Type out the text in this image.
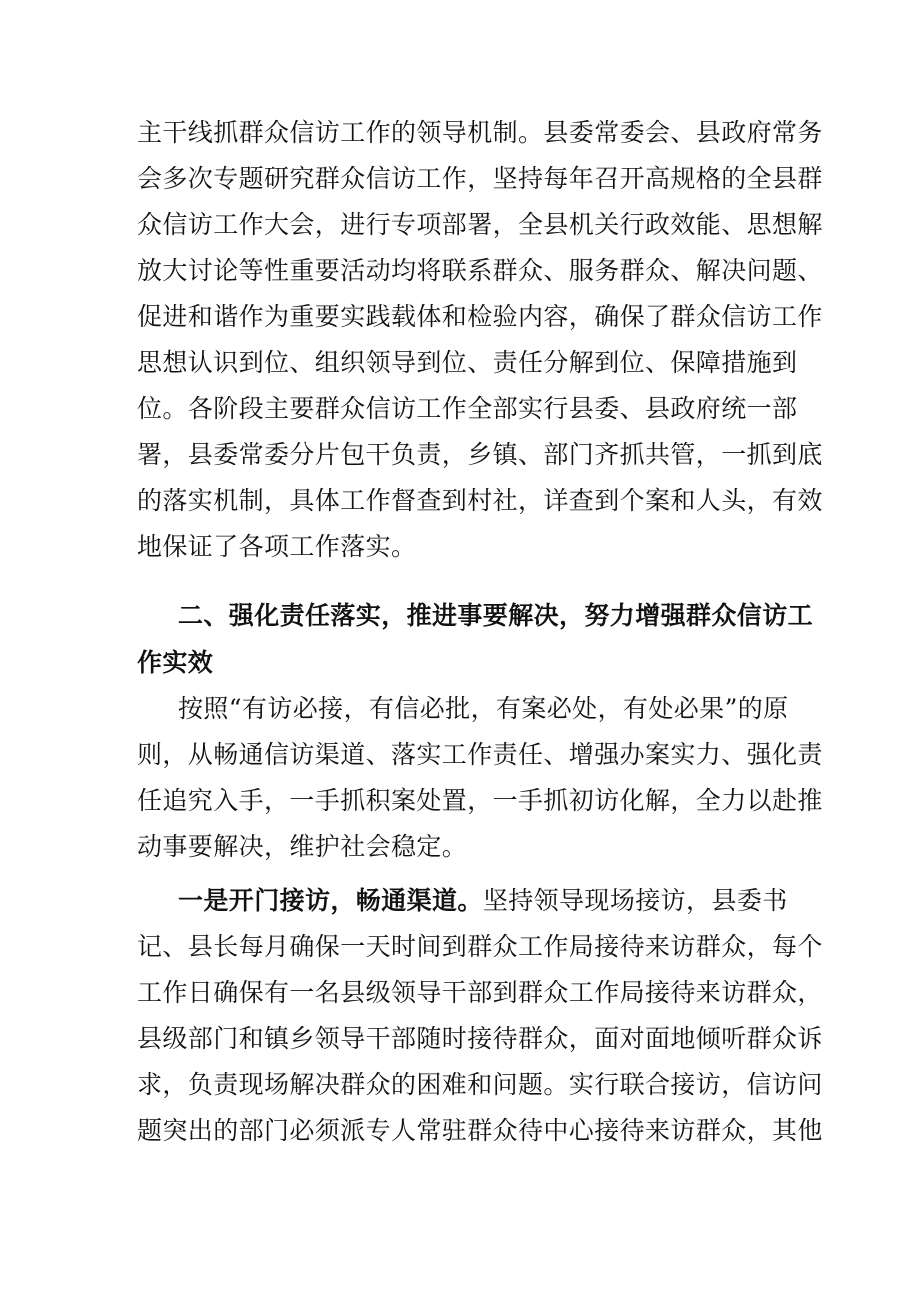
主干线抓群众信访工作的领导机制。县委常委会、县政府常务
会多次专题研究群众信访工作，坚持每年召开高规格的全县群
众信访工作大会，进行专项部署，全县机关行政效能、思想解
放大讨论等性重要活动均将联系群众、服务群众、解决问题、
促进和谐作为重要实践载体和检验内容，确保了群众信访工作
思想认识到位、组织领导到位、责任分解到位、保障措施到
位。各阶段主要群众信访工作全部实行县委、县政府统一部
署，县委常委分片包干负责，乡镇、部门齐抓共管，一抓到底
的落实机制，具体工作督查到村社，详查到个案和人头，有效
地保证了各项工作落实。
二、强化责任落实，推进事要解决，努力增强群众信访工
作实效
按照“有访必接，有信必批，有案必处，有处必果”的原
则，从畅通信访渠道、落实工作责任、增强办案实力、强化责
任追究入手，一手抓积案处置，一手抓初访化解，全力以赴推
动事要解决，维护社会稳定。
一是开门接访，畅通渠道。坚持领导现场接访，县委书
记、县长每月确保一天时间到群众工作局接待来访群众，每个
工作日确保有一名县级领导干部到群众工作局接待来访群众，
县级部门和镇乡领导干部随时接待群众，面对面地倾听群众诉
求，负责现场解决群众的困难和问题。实行联合接访，信访问
题突出的部门必须派专人常驻群众待中心接待来访群众，其他
